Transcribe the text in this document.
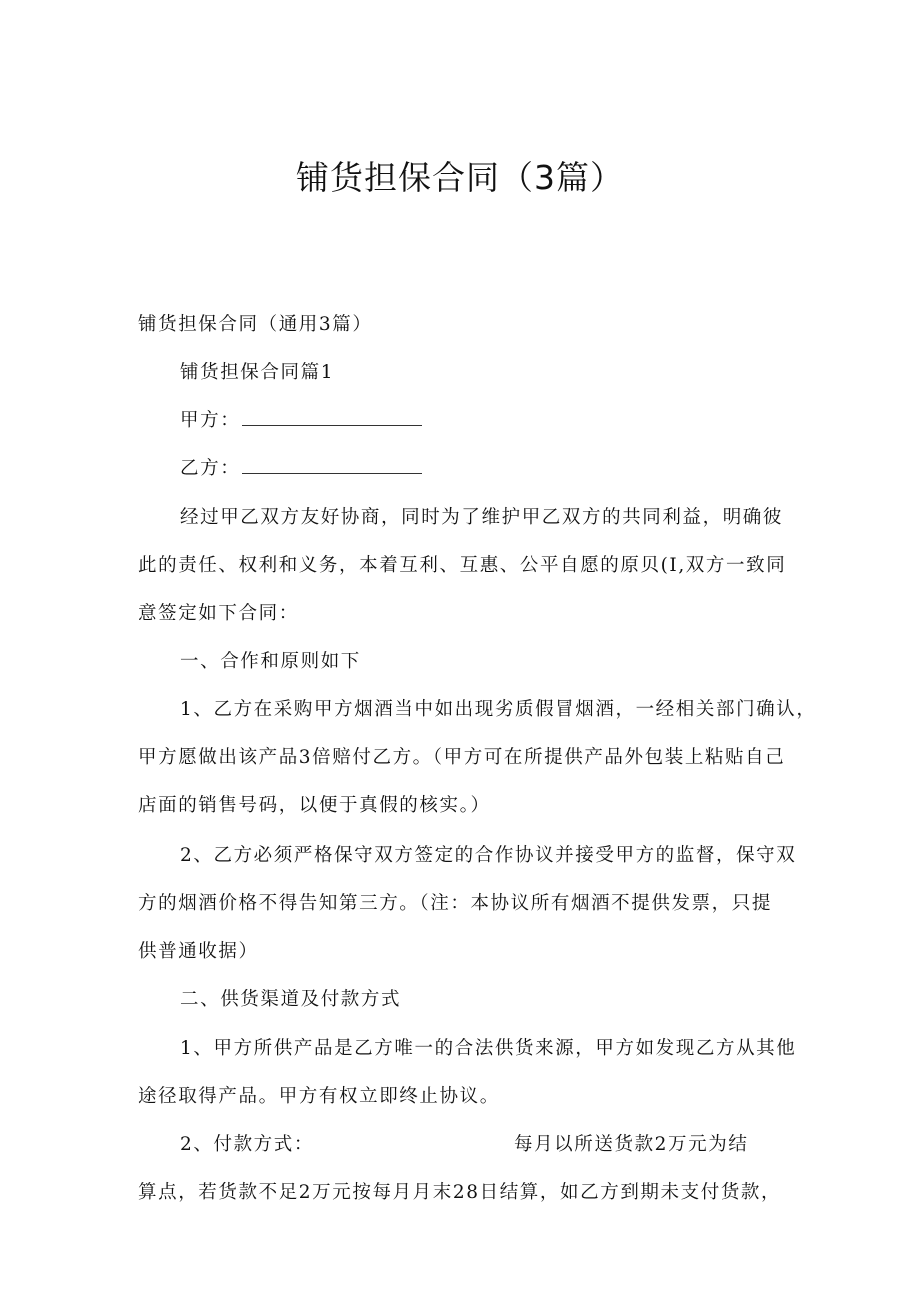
铺货担保合同（3篇）
铺货担保合同（通用3篇）
铺货担保合同篇1
甲方：
乙方：
经过甲乙双方友好协商，同时为了维护甲乙双方的共同利益，明确彼
此的责任、权利和义务，本着互利、互惠、公平自愿的原贝(I,双方一致同
意签定如下合同：
一、合作和原则如下
1、乙方在采购甲方烟酒当中如出现劣质假冒烟酒，一经相关部门确认，
甲方愿做出该产品3倍赔付乙方。（甲方可在所提供产品外包装上粘贴自己
店面的销售号码，以便于真假的核实。）
2、乙方必须严格保守双方签定的合作协议并接受甲方的监督，保守双
方的烟酒价格不得告知第三方。（注：本协议所有烟酒不提供发票，只提
供普通收据）
二、供货渠道及付款方式
1、甲方所供产品是乙方唯一的合法供货来源，甲方如发现乙方从其他
途径取得产品。甲方有权立即终止协议。
2、付款方式：	每月以所送货款2万元为结
算点，若货款不足2万元按每月月末28日结算，如乙方到期未支付货款，
